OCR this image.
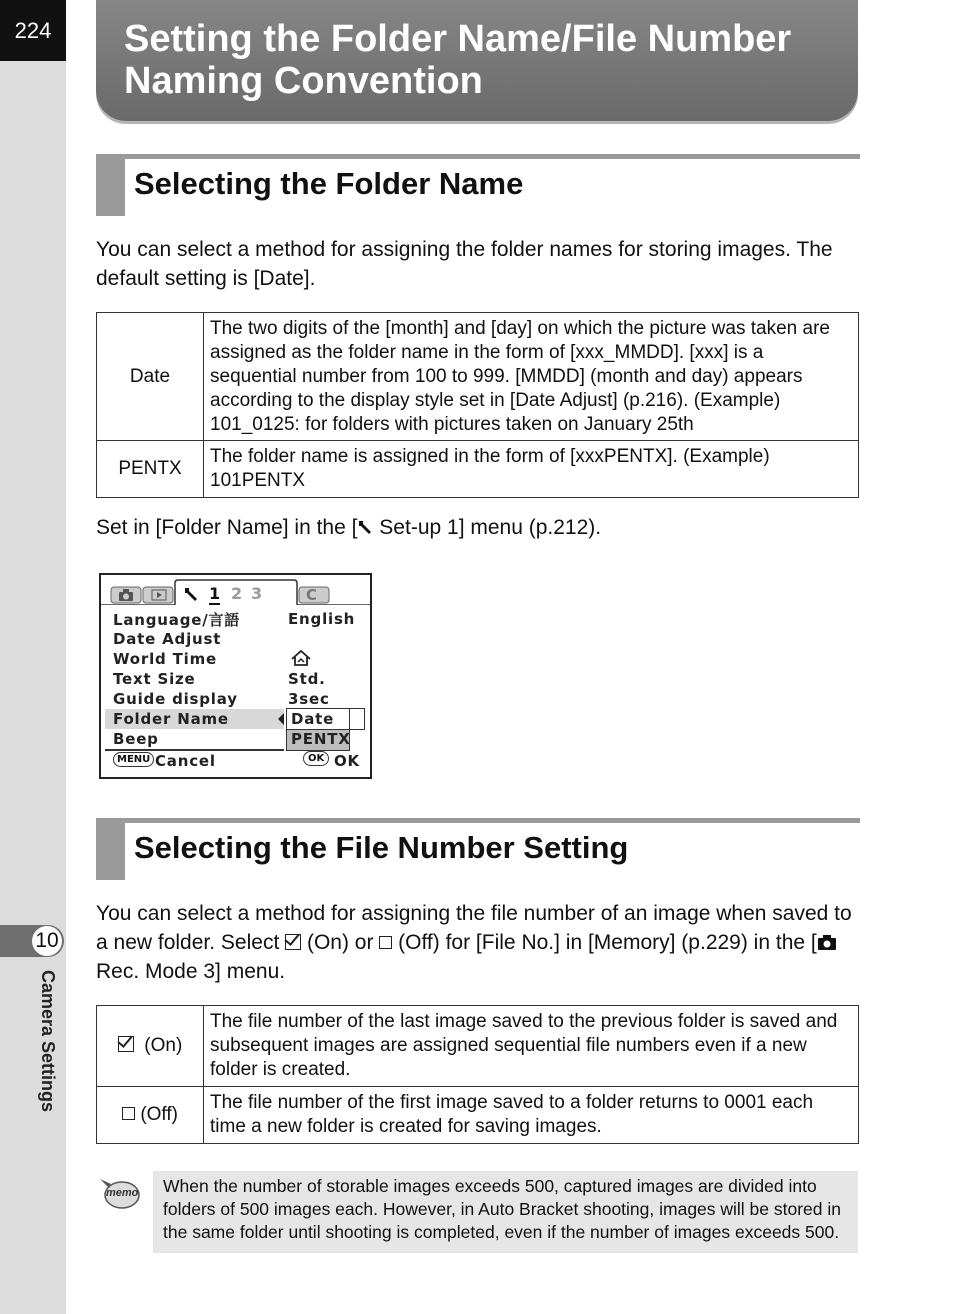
224
10
Camera Settings
Setting the Folder Name/File Number
Naming Convention
Selecting the Folder Name

You can select a method for assigning the folder names for storing images. The default setting is [Date].

Date	The two digits of the [month] and [day] on which the picture was taken are assigned as the folder name in the form of [xxx_MMDD]. [xxx] is a sequential number from 100 to 999. [MMDD] (month and day) appears according to the display style set in [Date Adjust] (p.216). (Example) 101_0125: for folders with pictures taken on January 25th
PENTX	The folder name is assigned in the form of [xxxPENTX]. (Example) 101PENTX

Set in [Folder Name] in the [ Set-up 1] menu (p.212).

1 2 3	C
Language/言語	English
Date Adjust
World Time
Text Size	Std.
Guide display	3sec
Folder Name	Date
PENTX
Beep
MENU Cancel	OK OK
Selecting the File Number Setting

You can select a method for assigning the file number of an image when saved to a new folder. Select  (On) or  (Off) for [File No.] in [Memory] (p.229) in the [ Rec. Mode 3] menu.

(On)	The file number of the last image saved to the previous folder is saved and subsequent images are assigned sequential file numbers even if a new folder is created.
(Off)	The file number of the first image saved to a folder returns to 0001 each time a new folder is created for saving images.
memo	When the number of storable images exceeds 500, captured images are divided into folders of 500 images each. However, in Auto Bracket shooting, images will be stored in the same folder until shooting is completed, even if the number of images exceeds 500.
